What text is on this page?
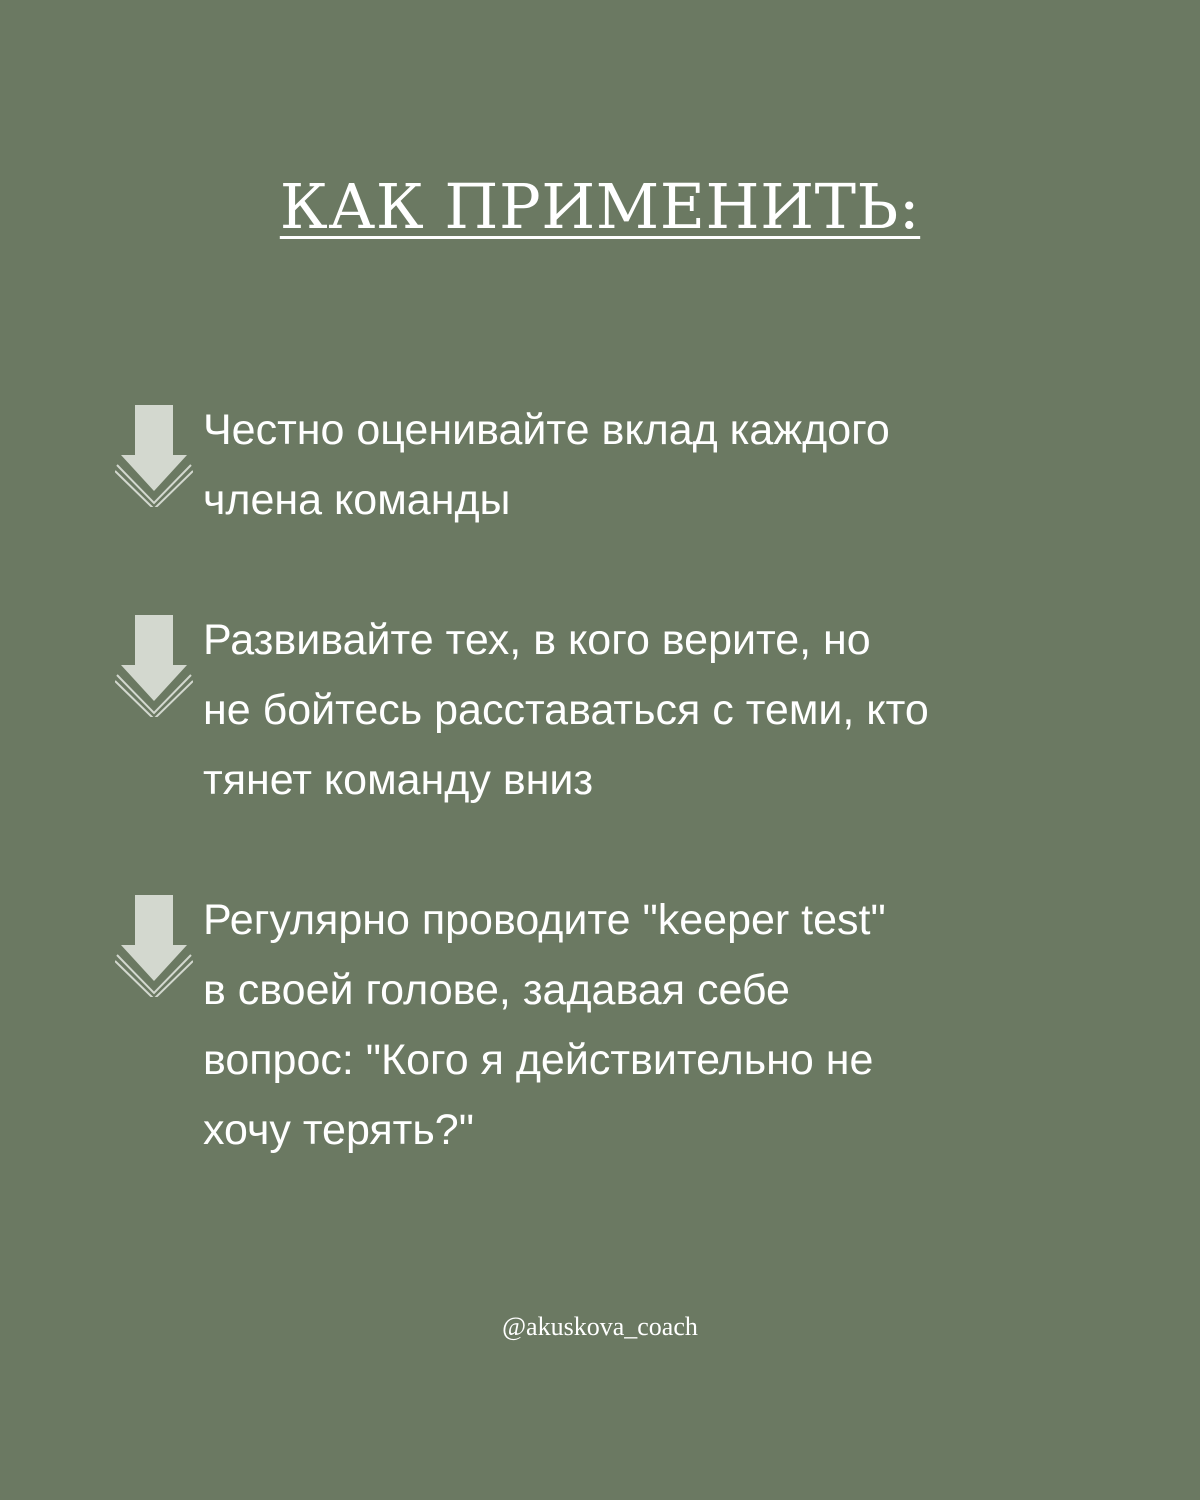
КАК ПРИМЕНИТЬ:
Честно оценивайте вклад каждого
члена команды
Развивайте тех, в кого верите, но
не бойтесь расставаться с теми, кто
тянет команду вниз
Регулярно проводите "keeper test"
в своей голове, задавая себе
вопрос: "Кого я действительно не
хочу терять?"
@akuskova_coach
